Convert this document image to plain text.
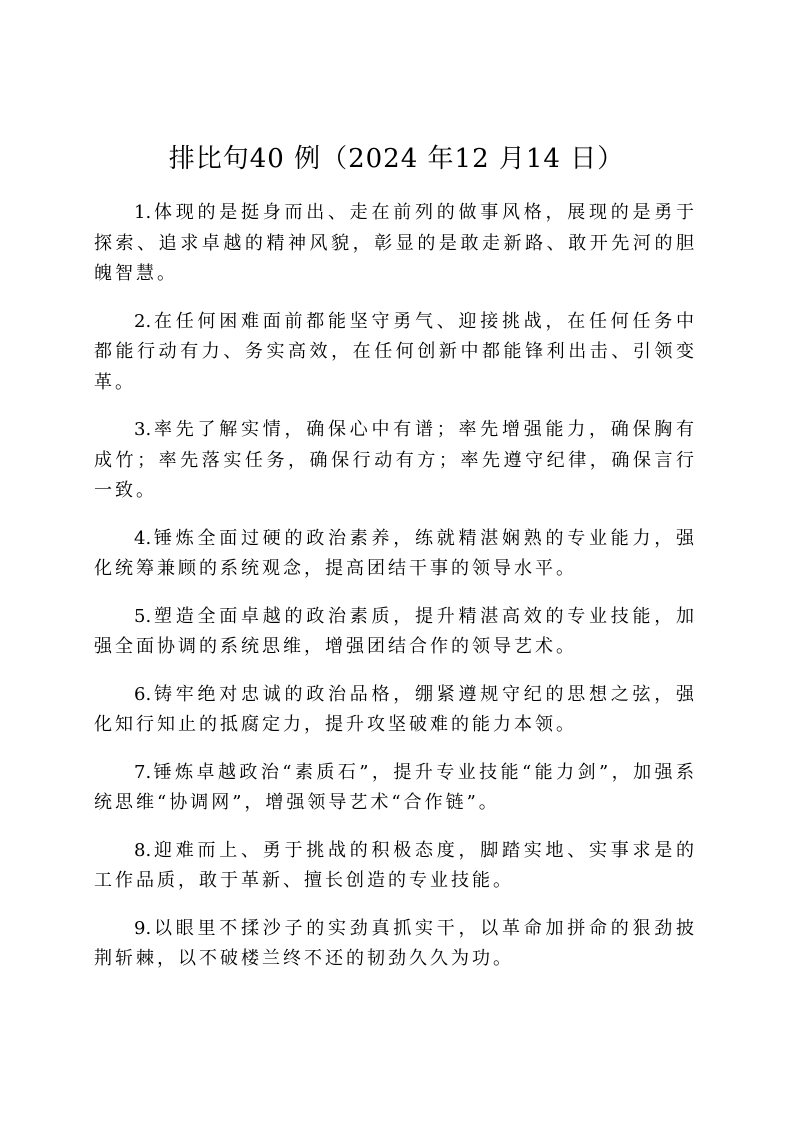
排比句40 例（2024 年12 月14 日）

1. 体现的是挺身而出、走在前列的做事风格，展现的是勇于探索、追求卓越的精神风貌，彰显的是敢走新路、敢开先河的胆魄智慧。

2. 在任何困难面前都能坚守勇气、迎接挑战，在任何任务中都能行动有力、务实高效，在任何创新中都能锋利出击、引领变革。

3. 率先了解实情，确保心中有谱；率先增强能力，确保胸有成竹；率先落实任务，确保行动有方；率先遵守纪律，确保言行一致。

4. 锤炼全面过硬的政治素养，练就精湛娴熟的专业能力，强化统筹兼顾的系统观念，提高团结干事的领导水平。

5. 塑造全面卓越的政治素质，提升精湛高效的专业技能，加强全面协调的系统思维，增强团结合作的领导艺术。

6. 铸牢绝对忠诚的政治品格，绷紧遵规守纪的思想之弦，强化知行知止的抵腐定力，提升攻坚破难的能力本领。

7. 锤炼卓越政治“素质石”，提升专业技能“能力剑”，加强系统思维“协调网”，增强领导艺术“合作链”。

8. 迎难而上、勇于挑战的积极态度，脚踏实地、实事求是的工作品质，敢于革新、擅长创造的专业技能。

9. 以眼里不揉沙子的实劲真抓实干，以革命加拼命的狠劲披荆斩棘，以不破楼兰终不还的韧劲久久为功。
